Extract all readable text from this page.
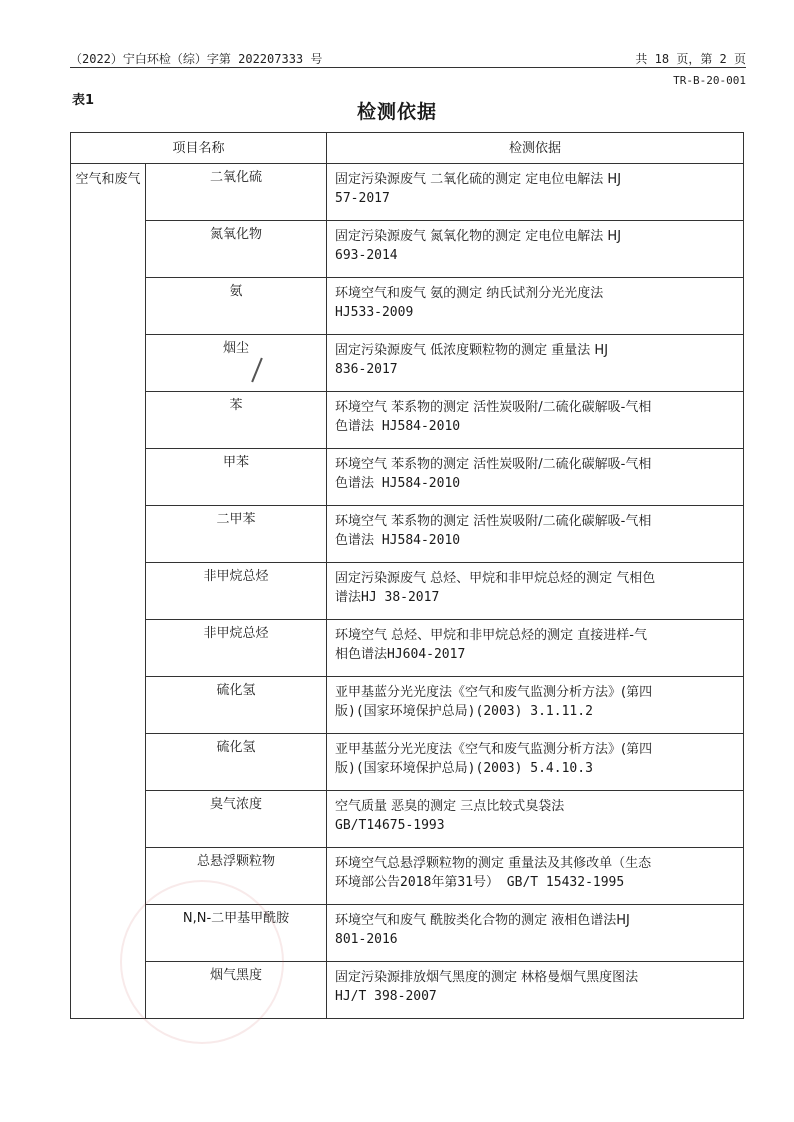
（2022）宁白环检（综）字第 202207333 号	共 18 页，第 2 页
TR-B-20-001
表1
检测依据
项目名称		检测依据
空气和废气	二氧化硫	固定污染源废气 二氧化硫的测定 定电位电解法 HJ
57-2017

	氮氧化物	固定污染源废气 氮氧化物的测定 定电位电解法 HJ
693-2014

	氨	环境空气和废气 氨的测定 纳氏试剂分光光度法
HJ533-2009

	烟尘	固定污染源废气 低浓度颗粒物的测定 重量法 HJ
836-2017

	苯	环境空气 苯系物的测定 活性炭吸附/二硫化碳解吸-气相
色谱法 HJ584-2010

	甲苯	环境空气 苯系物的测定 活性炭吸附/二硫化碳解吸-气相
色谱法 HJ584-2010

	二甲苯	环境空气 苯系物的测定 活性炭吸附/二硫化碳解吸-气相
色谱法 HJ584-2010

	非甲烷总烃	固定污染源废气 总烃、甲烷和非甲烷总烃的测定 气相色
谱法HJ 38-2017

	非甲烷总烃	环境空气 总烃、甲烷和非甲烷总烃的测定 直接进样-气
相色谱法HJ604-2017

	硫化氢	亚甲基蓝分光光度法《空气和废气监测分析方法》(第四
版)(国家环境保护总局)(2003) 3.1.11.2

	硫化氢	亚甲基蓝分光光度法《空气和废气监测分析方法》(第四
版)(国家环境保护总局)(2003) 5.4.10.3

	臭气浓度	空气质量 恶臭的测定 三点比较式臭袋法
GB/T14675-1993

	总悬浮颗粒物	环境空气总悬浮颗粒物的测定 重量法及其修改单（生态
环境部公告2018年第31号） GB/T 15432-1995

	N,N-二甲基甲酰胺	环境空气和废气 酰胺类化合物的测定 液相色谱法HJ
801-2016

	烟气黑度	固定污染源排放烟气黑度的测定 林格曼烟气黑度图法
HJ/T 398-2007
